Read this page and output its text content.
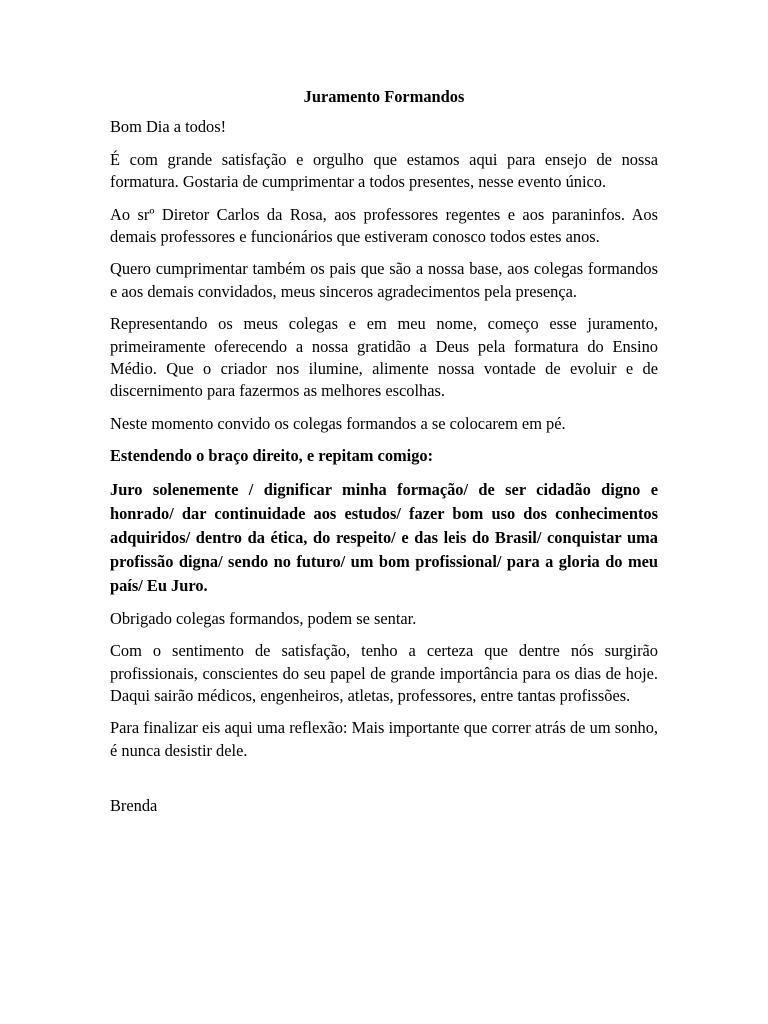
Juramento Formandos

Bom Dia a todos!

É com grande satisfação e orgulho que estamos aqui para ensejo de nossa formatura. Gostaria de cumprimentar a todos presentes, nesse evento único.

Ao srº Diretor Carlos da Rosa, aos professores regentes e aos paraninfos. Aos demais professores e funcionários que estiveram conosco todos estes anos.

Quero cumprimentar também os pais que são a nossa base, aos colegas formandos e aos demais convidados, meus sinceros agradecimentos pela presença.

Representando os meus colegas e em meu nome, começo esse juramento, primeiramente oferecendo a nossa gratidão a Deus pela formatura do Ensino Médio. Que o criador nos ilumine, alimente nossa vontade de evoluir e de discernimento para fazermos as melhores escolhas.

Neste momento convido os colegas formandos a se colocarem em pé.

Estendendo o braço direito, e repitam comigo:

Juro solenemente / dignificar minha formação/ de ser cidadão digno e honrado/ dar continuidade aos estudos/ fazer bom uso dos conhecimentos adquiridos/ dentro da ética, do respeito/ e das leis do Brasil/ conquistar uma profissão digna/ sendo no futuro/ um bom profissional/ para a gloria do meu país/ Eu Juro.

Obrigado colegas formandos, podem se sentar.

Com o sentimento de satisfação, tenho a certeza que dentre nós surgirão profissionais, conscientes do seu papel de grande importância para os dias de hoje. Daqui sairão médicos, engenheiros, atletas, professores, entre tantas profissões.

Para finalizar eis aqui uma reflexão: Mais importante que correr atrás de um sonho, é nunca desistir dele.

Brenda
